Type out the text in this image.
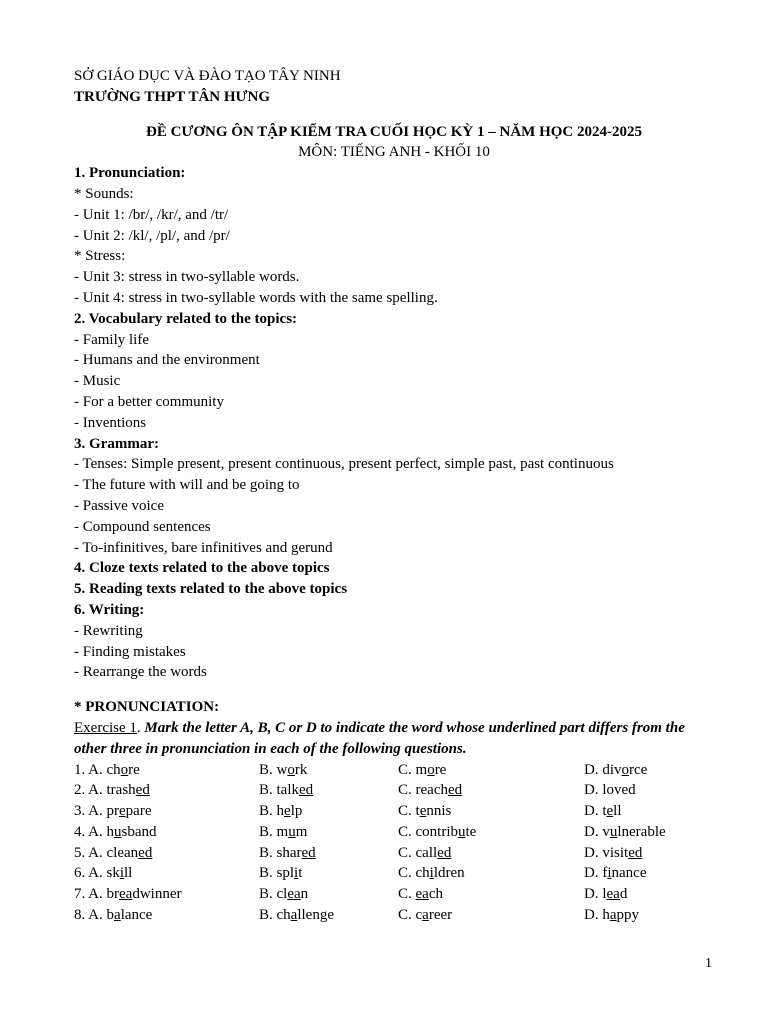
SỞ GIÁO DỤC VÀ ĐÀO TẠO TÂY NINH
TRƯỜNG THPT TÂN HƯNG
ĐỀ CƯƠNG ÔN TẬP KIỂM TRA CUỐI HỌC KỲ 1 – NĂM HỌC 2024-2025
MÔN: TIẾNG ANH - KHỐI 10
1. Pronunciation:
* Sounds:
- Unit 1: /br/, /kr/, and /tr/
- Unit 2: /kl/, /pl/, and /pr/
* Stress:
- Unit 3: stress in two-syllable words.
- Unit 4: stress in two-syllable words with the same spelling.
2. Vocabulary related to the topics:
- Family life
- Humans and the environment
- Music
- For a better community
- Inventions
3. Grammar:
- Tenses: Simple present, present continuous, present perfect, simple past, past continuous
- The future with will and be going to
- Passive voice
- Compound sentences
- To-infinitives, bare infinitives and gerund
4. Cloze texts related to the above topics
5. Reading texts related to the above topics
6. Writing:
- Rewriting
- Finding mistakes
- Rearrange the words
* PRONUNCIATION:
Exercise 1. Mark the letter A, B, C or D to indicate the word whose underlined part differs from the other three in pronunciation in each of the following questions.
1. A. chore	B. work	C. more	D. divorce
2. A. trashed	B. talked	C. reached	D. loved
3. A. prepare	B. help	C. tennis	D. tell
4. A. husband	B. mum	C. contribute	D. vulnerable
5. A. cleaned	B. shared	C. called	D. visited
6. A. skill	B. split	C. children	D. finance
7. A. breadwinner	B. clean	C. each	D. lead
8. A. balance	B. challenge	C. career	D. happy
1
